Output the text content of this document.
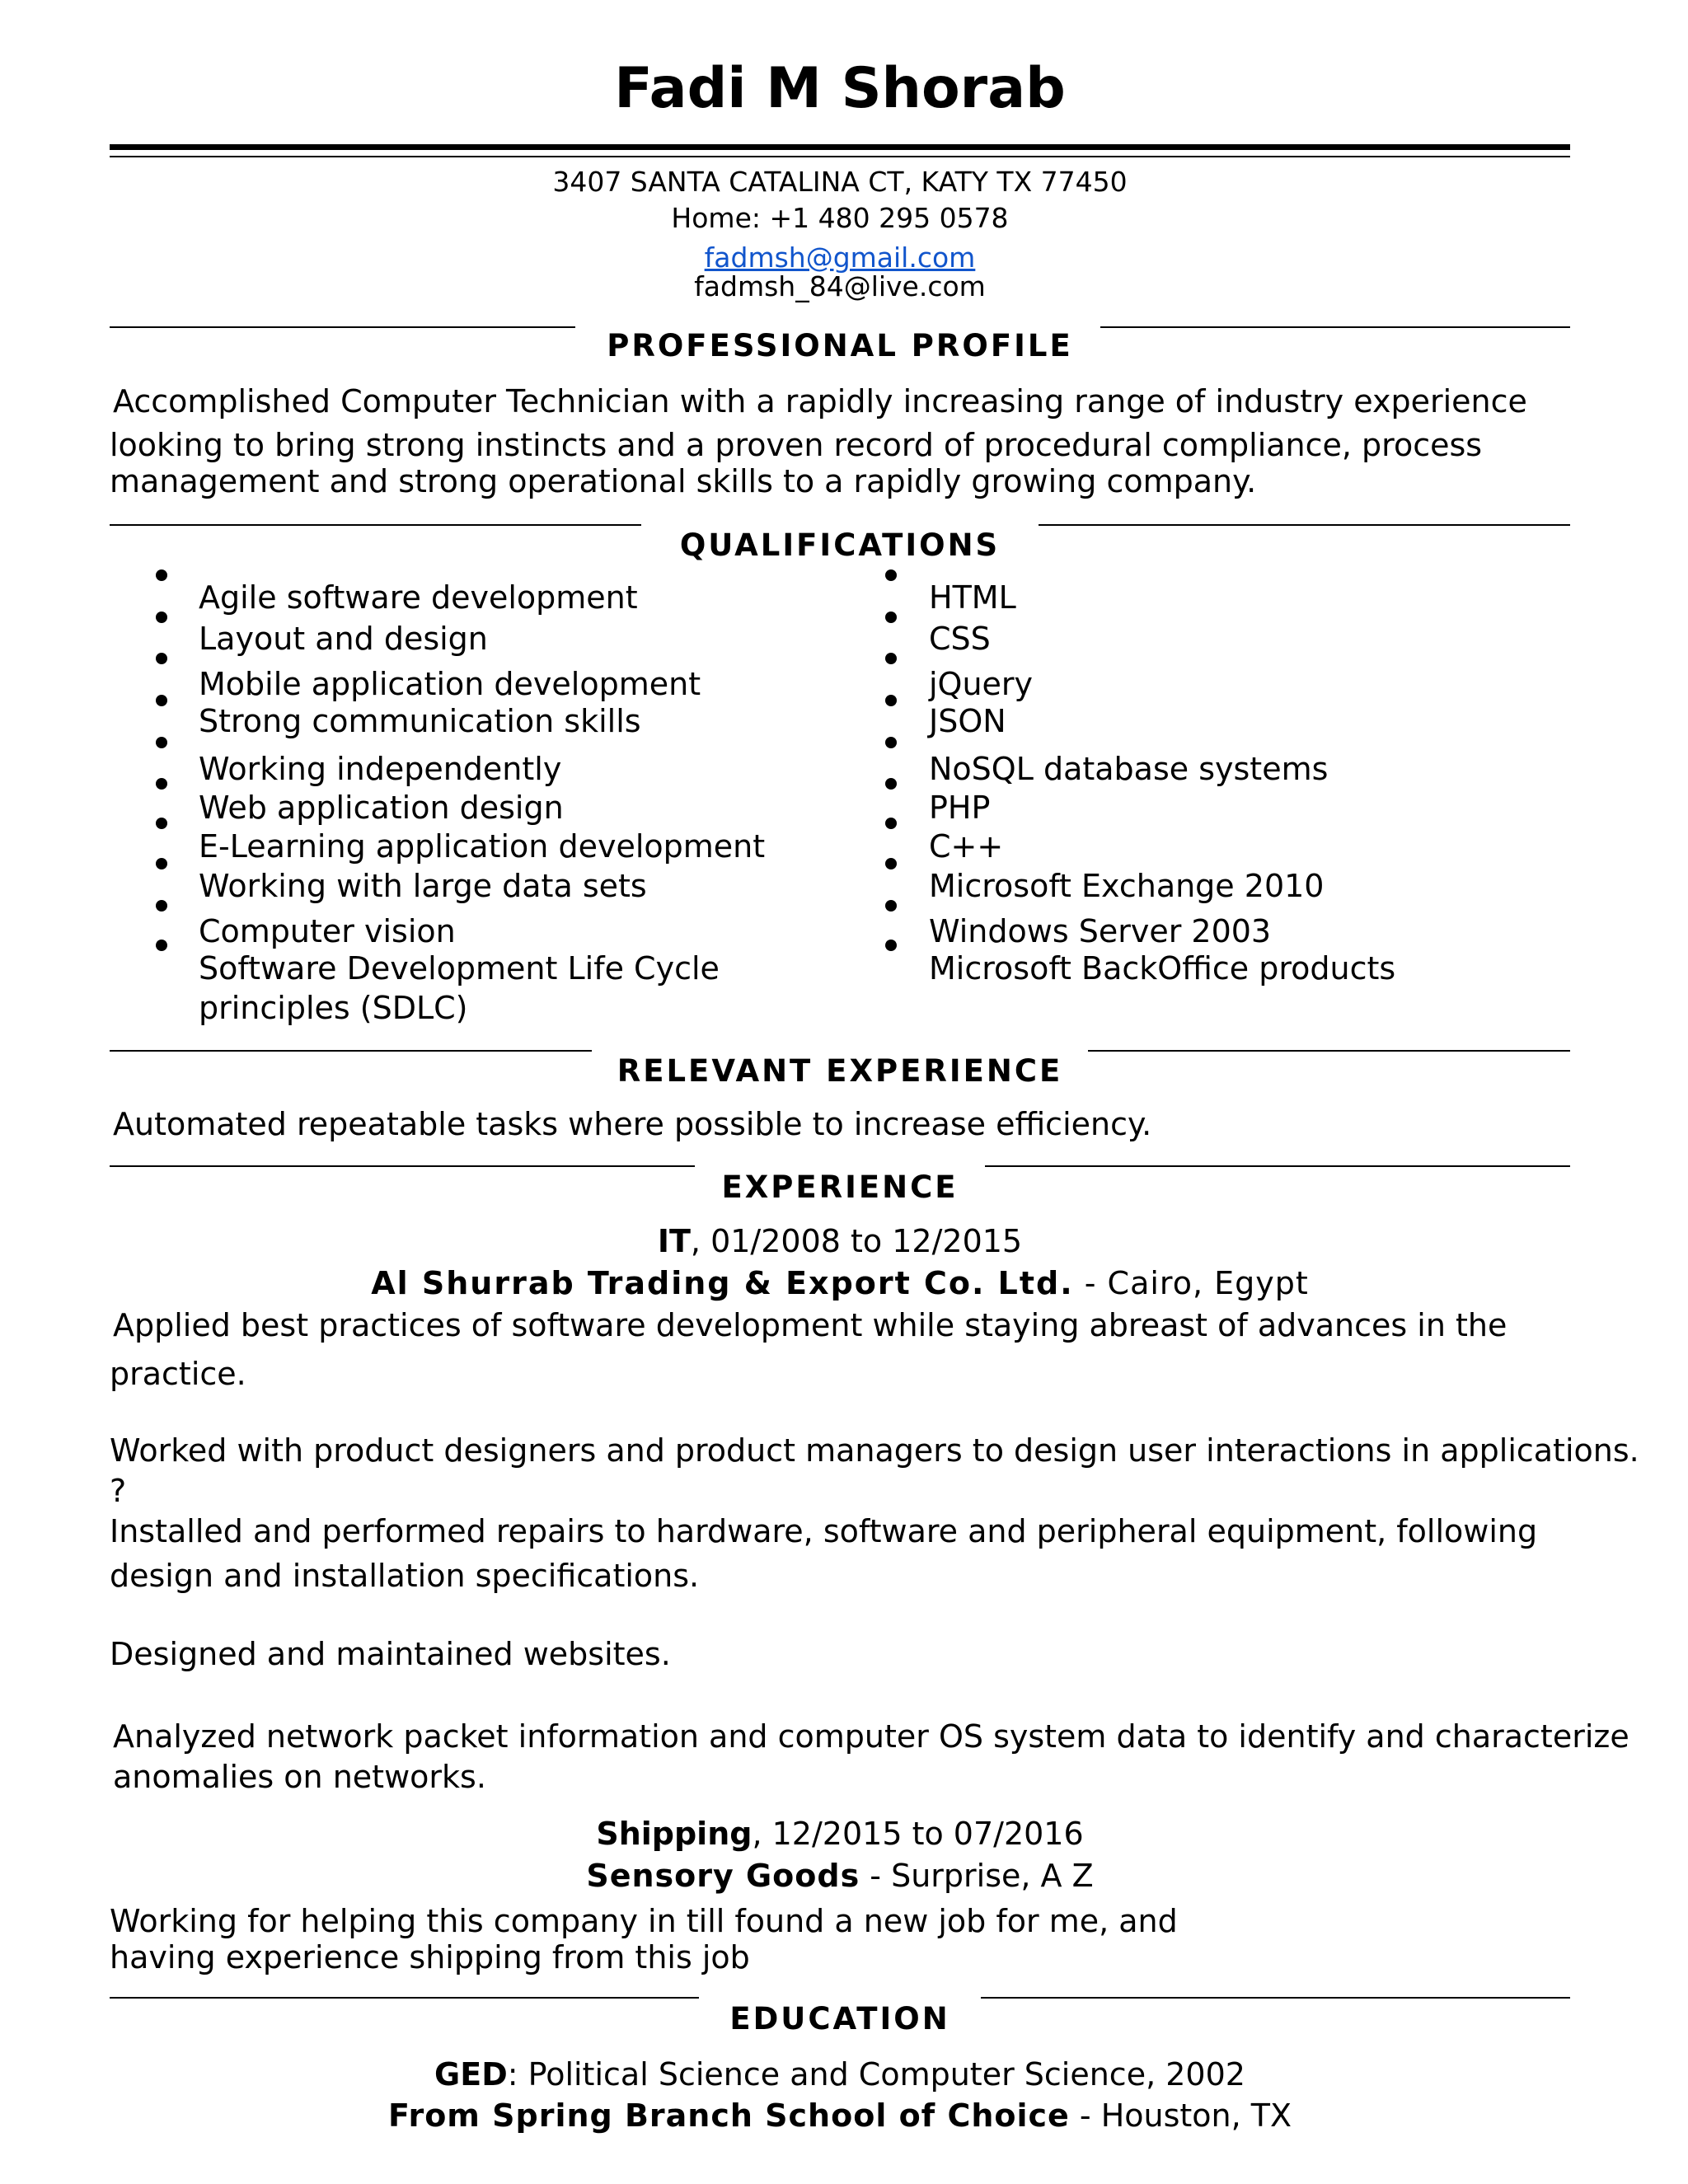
Fadi M Shorab
3407 SANTA CATALINA CT, KATY TX 77450
Home: +1 480 295 0578
fadmsh@gmail.com
fadmsh_84@live.com
PROFESSIONAL PROFILE
Accomplished Computer Technician with a rapidly increasing range of industry experience
looking to bring strong instincts and a proven record of procedural compliance, process
management and strong operational skills to a rapidly growing company.
QUALIFICATIONS
Agile software development
Layout and design
Mobile application development
Strong communication skills
Working independently
Web application design
E-Learning application development
Working with large data sets
Computer vision
Software Development Life Cycle
principles (SDLC)
HTML
CSS
jQuery
JSON
NoSQL database systems
PHP
C++
Microsoft Exchange 2010
Windows Server 2003
Microsoft BackOffice products
RELEVANT EXPERIENCE
Automated repeatable tasks where possible to increase efficiency.
EXPERIENCE
IT, 01/2008 to 12/2015
Al Shurrab Trading & Export Co. Ltd. - Cairo, Egypt
Applied best practices of software development while staying abreast of advances in the
practice.
Worked with product designers and product managers to design user interactions in applications.
?
Installed and performed repairs to hardware, software and peripheral equipment, following
design and installation specifications.
Designed and maintained websites.
Analyzed network packet information and computer OS system data to identify and characterize
anomalies on networks.
Shipping, 12/2015 to 07/2016
Sensory Goods - Surprise, A Z
Working for helping this company in till found a new job for me, and
having experience shipping from this job
EDUCATION
GED: Political Science and Computer Science, 2002
From Spring Branch School of Choice - Houston, TX
